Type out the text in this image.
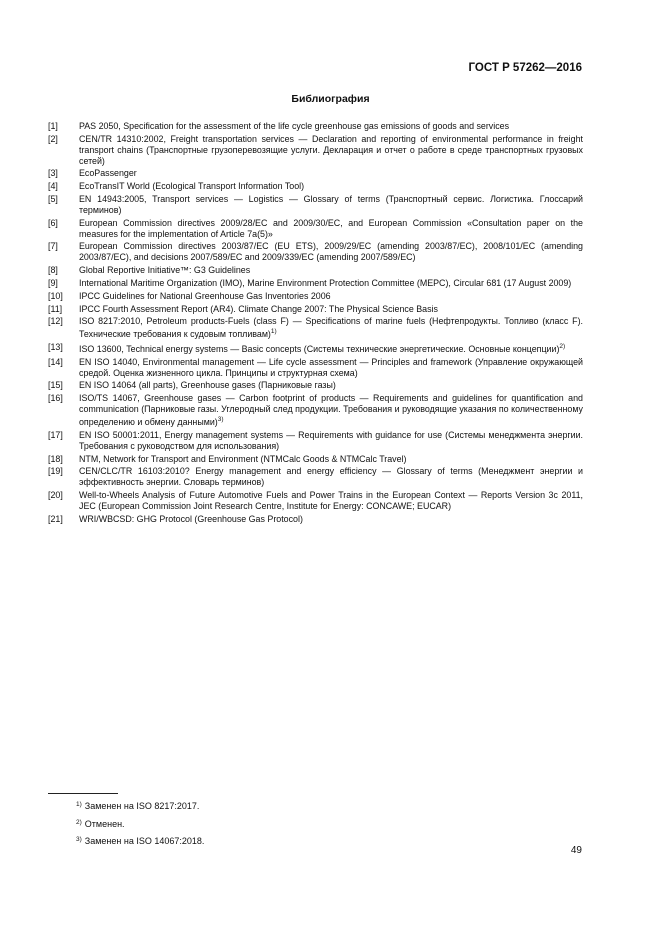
ГОСТ Р 57262—2016
Библиография
[1]	PAS 2050, Specification for the assessment of the life cycle greenhouse gas emissions of goods and services
[2]	CEN/TR 14310:2002, Freight transportation services — Declaration and reporting of environmental performance in freight transport chains (Транспортные грузоперевозящие услуги. Декларация и отчет о работе в среде транспортных грузовых сетей)
[3]	EcoPassenger
[4]	EcoTransIT World (Ecological Transport Information Tool)
[5]	EN 14943:2005, Transport services — Logistics — Glossary of terms (Транспортный сервис. Логистика. Глоссарий терминов)
[6]	European Commission directives 2009/28/EC and 2009/30/EC, and European Commission «Consultation paper on the measures for the implementation of Article 7a(5)»
[7]	European Commission directives 2003/87/EC (EU ETS), 2009/29/EC (amending 2003/87/EC), 2008/101/EC (amending 2003/87/EC), and decisions 2007/589/EC and 2009/339/EC (amending 2007/589/EC)
[8]	Global Reportive Initiative™: G3 Guidelines
[9]	International Maritime Organization (IMO), Marine Environment Protection Committee (MEPC), Circular 681 (17 August 2009)
[10]	IPCC Guidelines for National Greenhouse Gas Inventories 2006
[11]	IPCC Fourth Assessment Report (AR4). Climate Change 2007: The Physical Science Basis
[12]	ISO 8217:2010, Petroleum products-Fuels (class F) — Specifications of marine fuels (Нефтепродукты. Топливо (класс F). Технические требования к судовым топливам)$^{1)}$
[13]	ISO 13600, Technical energy systems — Basic concepts (Системы технические энергетические. Основные концепции)$^{2)}$
[14]	EN ISO 14040, Environmental management — Life cycle assessment — Principles and framework (Управление окружающей средой. Оценка жизненного цикла. Принципы и структурная схема)
[15]	EN ISO 14064 (all parts), Greenhouse gases (Парниковые газы)
[16]	ISO/TS 14067, Greenhouse gases — Carbon footprint of products — Requirements and guidelines for quantification and communication (Парниковые газы. Углеродный след продукции. Требования и руководящие указания по количественному определению и обмену данными)$^{3)}$
[17]	EN ISO 50001:2011, Energy management systems — Requirements with guidance for use (Системы менеджмента энергии. Требования с руководством для использования)
[18]	NTM, Network for Transport and Environment (NTMCalc Goods & NTMCalc Travel)
[19]	CEN/CLC/TR 16103:2010? Energy management and energy efficiency — Glossary of terms (Менеджмент энергии и эффективность энергии. Словарь терминов)
[20]	Well-to-Wheels Analysis of Future Automotive Fuels and Power Trains in the European Context — Reports Version 3c 2011, JEC (European Commission Joint Research Centre, Institute for Energy: CONCAWE; EUCAR)
[21]	WRI/WBCSD: GHG Protocol (Greenhouse Gas Protocol)
$^{1)}$ Заменен на ISO 8217:2017.
$^{2)}$ Отменен.
$^{3)}$ Заменен на ISO 14067:2018.
49
